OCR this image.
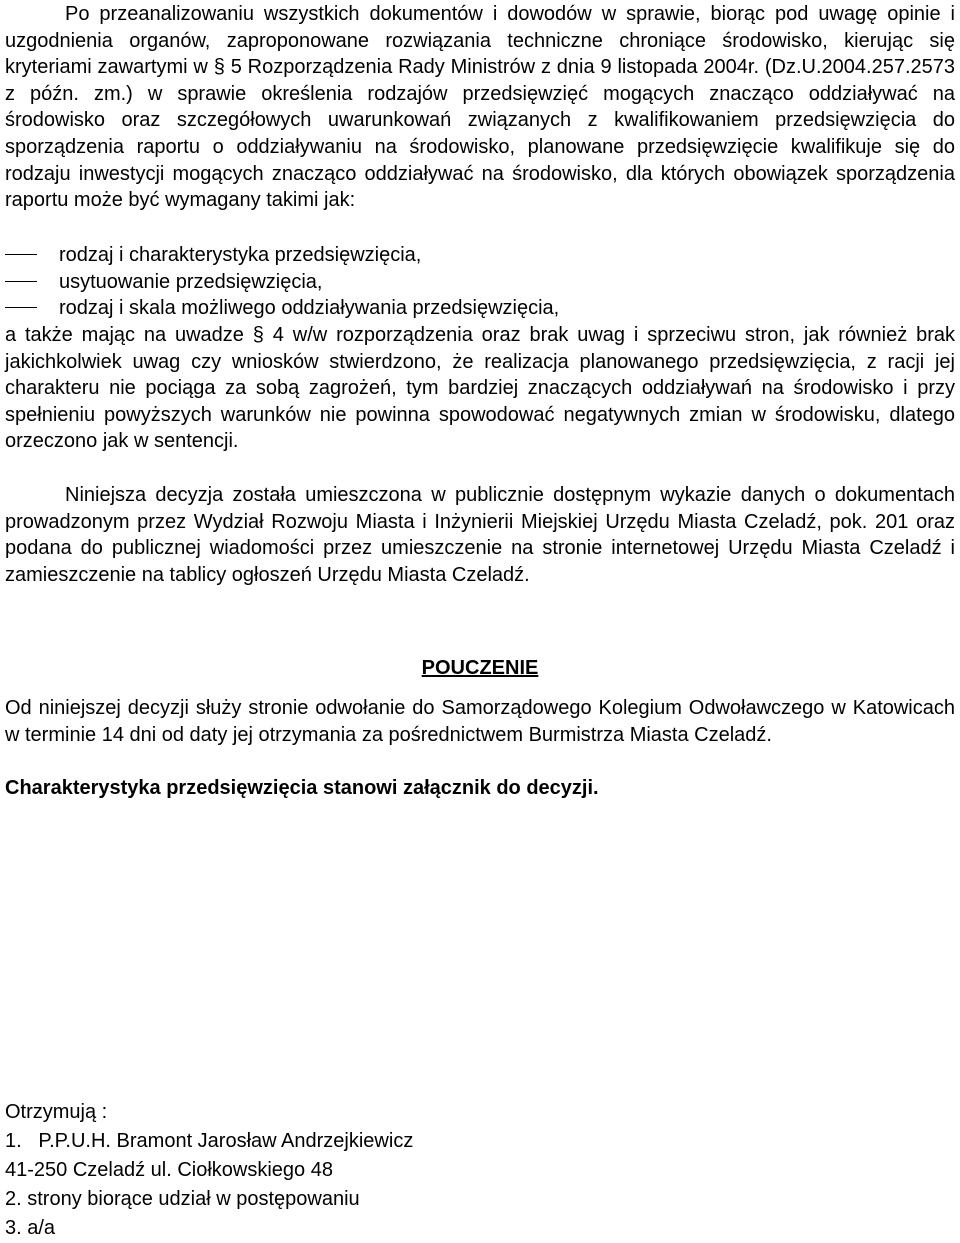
Po przeanalizowaniu wszystkich dokumentów i dowodów w sprawie, biorąc pod uwagę opinie i uzgodnienia organów, zaproponowane rozwiązania techniczne chroniące środowisko, kierując się kryteriami zawartymi w § 5 Rozporządzenia Rady Ministrów z dnia 9 listopada 2004r. (Dz.U.2004.257.2573 z późn. zm.) w sprawie określenia rodzajów przedsięwzięć mogących znacząco oddziaływać na środowisko oraz szczegółowych uwarunkowań związanych z kwalifikowaniem przedsięwzięcia do sporządzenia raportu o oddziaływaniu na środowisko, planowane przedsięwzięcie kwalifikuje się do rodzaju inwestycji mogących znacząco oddziaływać na środowisko, dla których obowiązek sporządzenia raportu może być wymagany takimi jak:

rodzaj i charakterystyka przedsięwzięcia,
usytuowanie przedsięwzięcia,
rodzaj i skala możliwego oddziaływania przedsięwzięcia,

a także mając na uwadze § 4 w/w rozporządzenia oraz brak uwag i sprzeciwu stron, jak również brak jakichkolwiek uwag czy wniosków stwierdzono, że realizacja planowanego przedsięwzięcia, z racji jej charakteru nie pociąga za sobą zagrożeń, tym bardziej znaczących oddziaływań na środowisko i przy spełnieniu powyższych warunków nie powinna spowodować negatywnych zmian w środowisku, dlatego orzeczono jak w sentencji.

Niniejsza decyzja została umieszczona w publicznie dostępnym wykazie danych o dokumentach prowadzonym przez Wydział Rozwoju Miasta i Inżynierii Miejskiej Urzędu Miasta Czeladź, pok. 201 oraz podana do publicznej wiadomości przez umieszczenie na stronie internetowej Urzędu Miasta Czeladź i zamieszczenie na tablicy ogłoszeń Urzędu Miasta Czeladź.

POUCZENIE

Od niniejszej decyzji służy stronie odwołanie do Samorządowego Kolegium Odwoławczego w Katowicach w terminie 14 dni od daty jej otrzymania za pośrednictwem Burmistrza Miasta Czeladź.

Charakterystyka przedsięwzięcia stanowi załącznik do decyzji.

Otrzymują :

1.   P.P.U.H. Bramont Jarosław Andrzejkiewicz

41-250 Czeladź ul. Ciołkowskiego 48

2. strony biorące udział w postępowaniu

3. a/a
